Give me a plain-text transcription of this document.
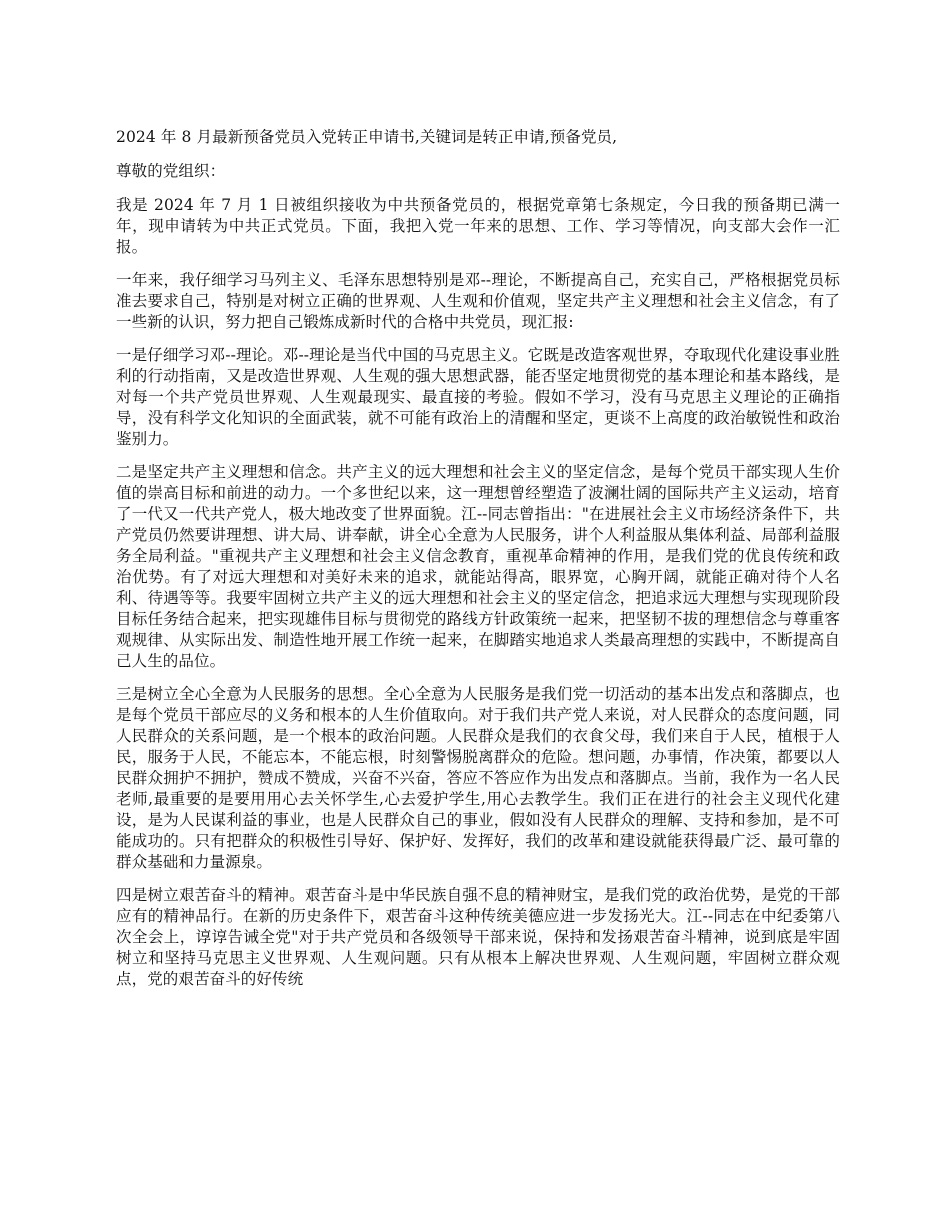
2024 年 8 月最新预备党员入党转正申请书,关键词是转正申请,预备党员,

尊敬的党组织：

我是 2024 年 7 月 1 日被组织接收为中共预备党员的，根据党章第七条规定，今日我的预备期已满一年，现申请转为中共正式党员。下面，我把入党一年来的思想、工作、学习等情况，向支部大会作一汇报。

一年来，我仔细学习马列主义、毛泽东思想特别是邓--理论，不断提高自己，充实自己，严格根据党员标准去要求自己，特别是对树立正确的世界观、人生观和价值观，坚定共产主义理想和社会主义信念，有了一些新的认识，努力把自己锻炼成新时代的合格中共党员，现汇报:

一是仔细学习邓--理论。邓--理论是当代中国的马克思主义。它既是改造客观世界，夺取现代化建设事业胜利的行动指南，又是改造世界观、人生观的强大思想武器，能否坚定地贯彻党的基本理论和基本路线，是对每一个共产党员世界观、人生观最现实、最直接的考验。假如不学习，没有马克思主义理论的正确指导，没有科学文化知识的全面武装，就不可能有政治上的清醒和坚定，更谈不上高度的政治敏锐性和政治鉴别力。

二是坚定共产主义理想和信念。共产主义的远大理想和社会主义的坚定信念，是每个党员干部实现人生价值的崇高目标和前进的动力。一个多世纪以来，这一理想曾经塑造了波澜壮阔的国际共产主义运动，培育了一代又一代共产党人，极大地改变了世界面貌。江--同志曾指出："在进展社会主义市场经济条件下，共产党员仍然要讲理想、讲大局、讲奉献，讲全心全意为人民服务，讲个人利益服从集体利益、局部利益服务全局利益。"重视共产主义理想和社会主义信念教育，重视革命精神的作用，是我们党的优良传统和政治优势。有了对远大理想和对美好未来的追求，就能站得高，眼界宽，心胸开阔，就能正确对待个人名利、待遇等等。我要牢固树立共产主义的远大理想和社会主义的坚定信念，把追求远大理想与实现现阶段目标任务结合起来，把实现雄伟目标与贯彻党的路线方针政策统一起来，把坚韧不拔的理想信念与尊重客观规律、从实际出发、制造性地开展工作统一起来，在脚踏实地追求人类最高理想的实践中，不断提高自己人生的品位。

三是树立全心全意为人民服务的思想。全心全意为人民服务是我们党一切活动的基本出发点和落脚点，也是每个党员干部应尽的义务和根本的人生价值取向。对于我们共产党人来说，对人民群众的态度问题，同人民群众的关系问题，是一个根本的政治问题。人民群众是我们的衣食父母，我们来自于人民，植根于人民，服务于人民，不能忘本，不能忘根，时刻警惕脱离群众的危险。想问题，办事情，作决策，都要以人民群众拥护不拥护，赞成不赞成，兴奋不兴奋，答应不答应作为出发点和落脚点。当前，我作为一名人民老师,最重要的是要用用心去关怀学生,心去爱护学生,用心去教学生。我们正在进行的社会主义现代化建设，是为人民谋利益的事业，也是人民群众自己的事业，假如没有人民群众的理解、支持和参加，是不可能成功的。只有把群众的积极性引导好、保护好、发挥好，我们的改革和建设就能获得最广泛、最可靠的群众基础和力量源泉。

四是树立艰苦奋斗的精神。艰苦奋斗是中华民族自强不息的精神财宝，是我们党的政治优势，是党的干部应有的精神品行。在新的历史条件下，艰苦奋斗这种传统美德应进一步发扬光大。江--同志在中纪委第八次全会上，谆谆告诫全党"对于共产党员和各级领导干部来说，保持和发扬艰苦奋斗精神，说到底是牢固树立和坚持马克思主义世界观、人生观问题。只有从根本上解决世界观、人生观问题，牢固树立群众观点，党的艰苦奋斗的好传统
